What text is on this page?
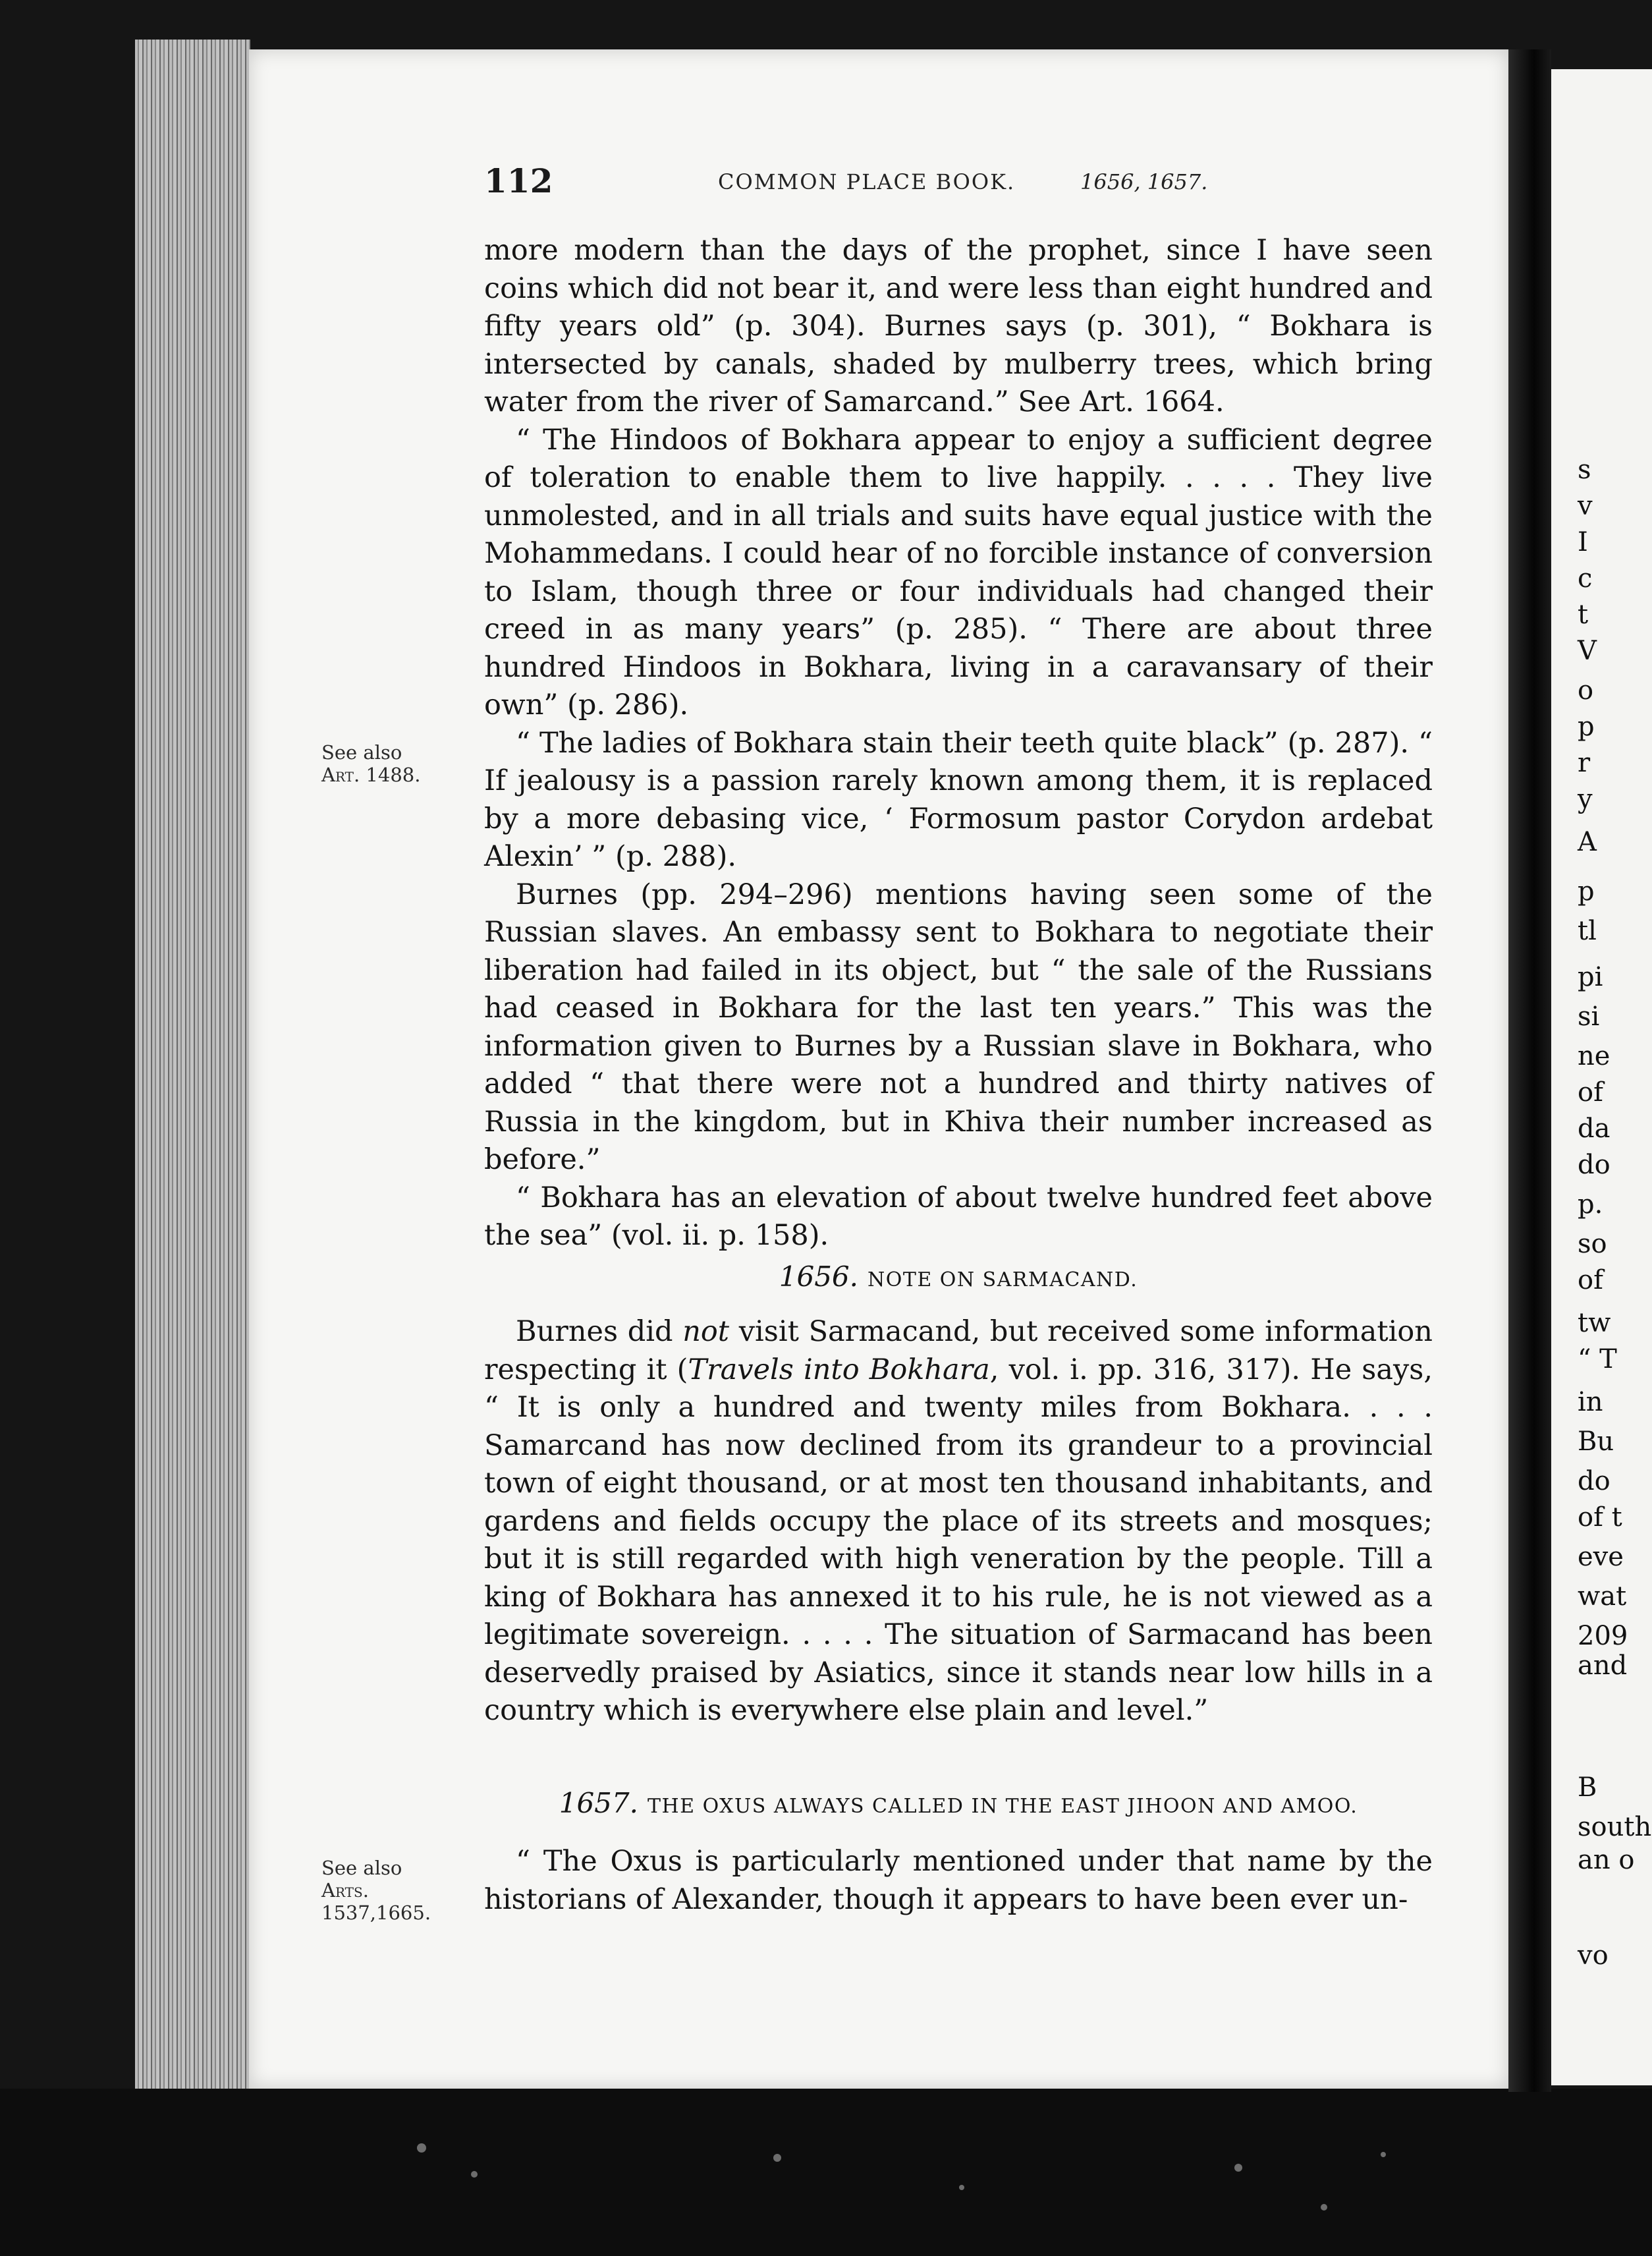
112	COMMON PLACE BOOK.	1656, 1657.

more modern than the days of the prophet, since I have seen coins which did not bear it, and were less than eight hundred and fifty years old” (p. 304). Burnes says (p. 301), “ Bokhara is intersected by canals, shaded by mulberry trees, which bring water from the river of Samarcand.” See Art. 1664.

“ The Hindoos of Bokhara appear to enjoy a sufficient degree of toleration to enable them to live happily. . . . . They live unmolested, and in all trials and suits have equal justice with the Mohammedans. I could hear of no forcible instance of conversion to Islam, though three or four individuals had changed their creed in as many years” (p. 285). “ There are about three hundred Hindoos in Bokhara, living in a caravansary of their own” (p. 286).

“ The ladies of Bokhara stain their teeth quite black” (p. 287). “ If jealousy is a passion rarely known among them, it is replaced by a more debasing vice, ‘ Formosum pastor Corydon ardebat Alexin’ ” (p. 288).

Burnes (pp. 294–296) mentions having seen some of the Russian slaves. An embassy sent to Bokhara to negotiate their liberation had failed in its object, but “ the sale of the Russians had ceased in Bokhara for the last ten years.” This was the information given to Burnes by a Russian slave in Bokhara, who added “ that there were not a hundred and thirty natives of Russia in the kingdom, but in Khiva their number increased as before.”

“ Bokhara has an elevation of about twelve hundred feet above the sea” (vol. ii. p. 158).

1656. NOTE ON SARMACAND.

Burnes did not visit Sarmacand, but received some information respecting it (Travels into Bokhara, vol. i. pp. 316, 317). He says, “ It is only a hundred and twenty miles from Bokhara. . . . Samarcand has now declined from its grandeur to a provincial town of eight thousand, or at most ten thousand inhabitants, and gardens and fields occupy the place of its streets and mosques; but it is still regarded with high veneration by the people. Till a king of Bokhara has annexed it to his rule, he is not viewed as a legitimate sovereign. . . . . The situation of Sarmacand has been deservedly praised by Asiatics, since it stands near low hills in a country which is everywhere else plain and level.”

1657. THE OXUS ALWAYS CALLED IN THE EAST JIHOON AND AMOO.

“ The Oxus is particularly mentioned under that name by the historians of Alexander, though it appears to have been ever un-

See also
Art. 1488.
See also
Arts.
1537,1665.
s
v
I
c
t
V
o
p
r
y
A
p
tl
pi
si
ne
of
da
do
p.
so
of
tw
“ T
in
Bu
do
of t
eve
wat
209
and
B
south
an o
vo
